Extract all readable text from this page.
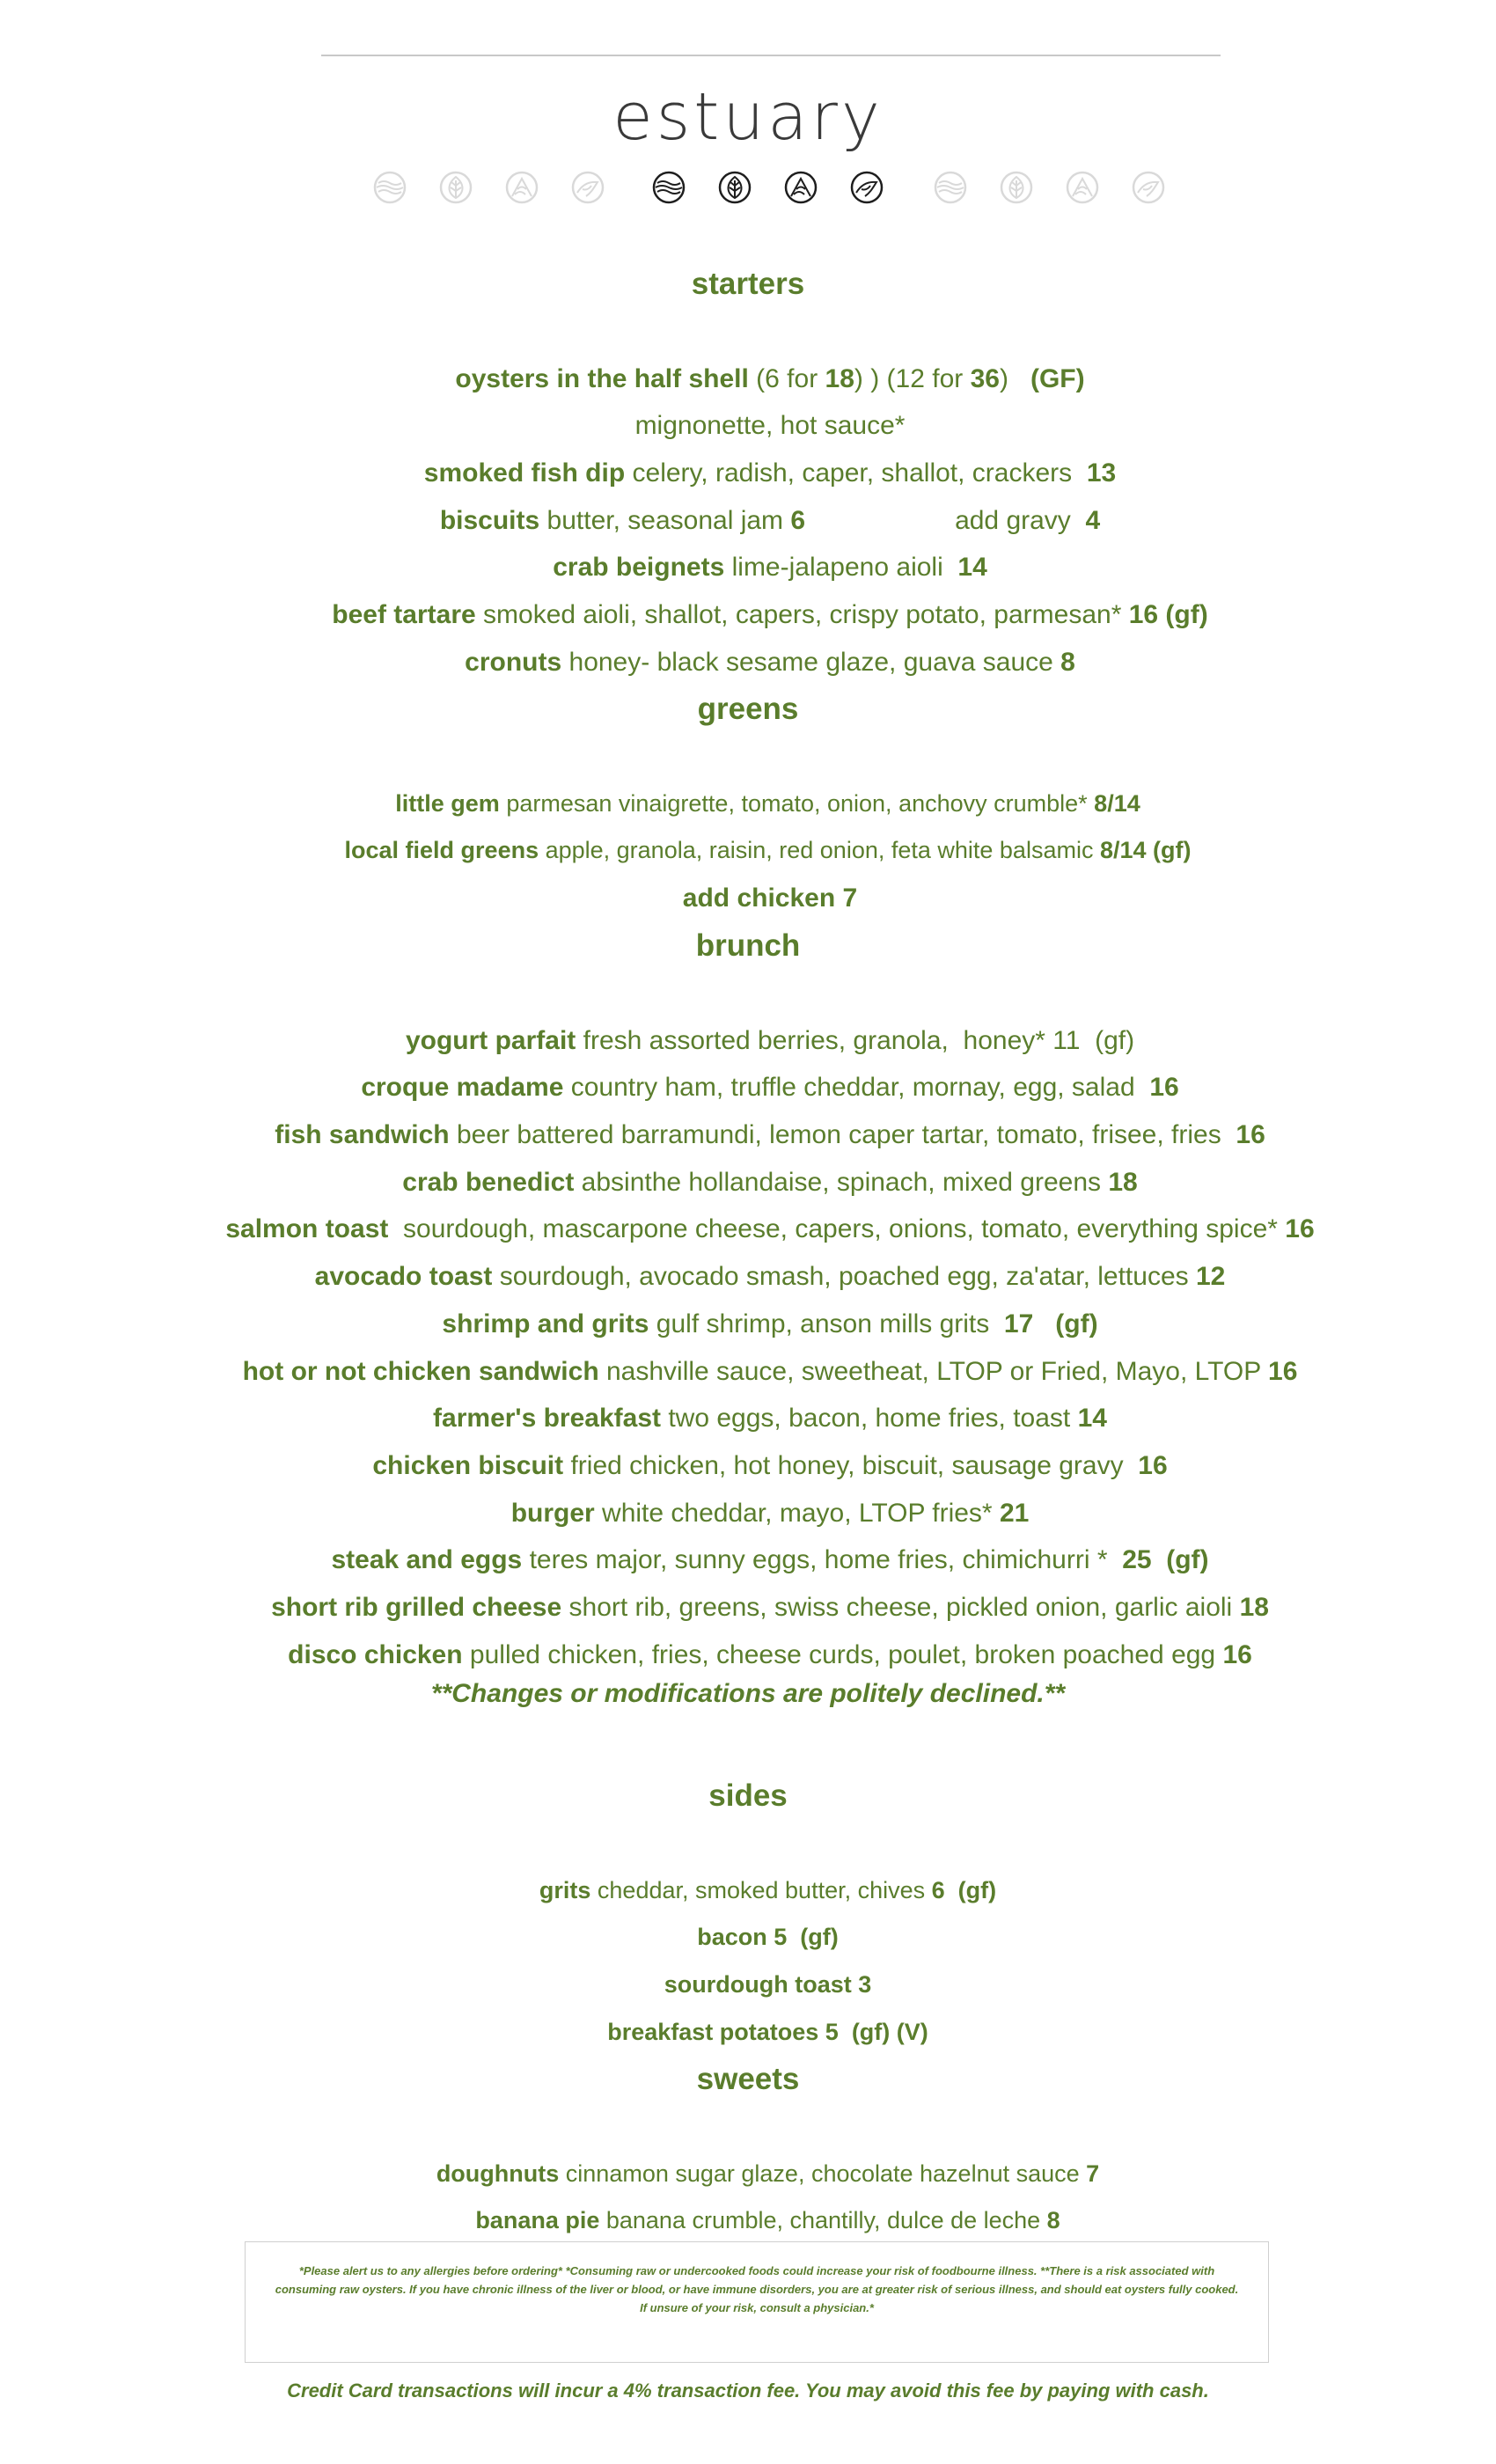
estuary
starters

oysters in the half shell (6 for 18) ) (12 for 36)   (GF)

mignonette, hot sauce*

smoked fish dip celery, radish, caper, shallot, crackers  13

biscuits butter, seasonal jam 6	add gravy  4

crab beignets lime-jalapeno aioli  14

beef tartare smoked aioli, shallot, capers, crispy potato, parmesan* 16 (gf)

cronuts honey- black sesame glaze, guava sauce 8

greens

little gem parmesan vinaigrette, tomato, onion, anchovy crumble* 8/14

local field greens apple, granola, raisin, red onion, feta white balsamic 8/14 (gf)

add chicken 7

brunch

yogurt parfait fresh assorted berries, granola,  honey* 11  (gf)

croque madame country ham, truffle cheddar, mornay, egg, salad  16

fish sandwich beer battered barramundi, lemon caper tartar, tomato, frisee, fries  16

crab benedict absinthe hollandaise, spinach, mixed greens 18

salmon toast  sourdough, mascarpone cheese, capers, onions, tomato, everything spice* 16

avocado toast sourdough, avocado smash, poached egg, za'atar, lettuces 12

shrimp and grits gulf shrimp, anson mills grits  17   (gf)

hot or not chicken sandwich nashville sauce, sweetheat, LTOP or Fried, Mayo, LTOP 16

farmer's breakfast two eggs, bacon, home fries, toast 14

chicken biscuit fried chicken, hot honey, biscuit, sausage gravy  16

burger white cheddar, mayo, LTOP fries* 21

steak and eggs teres major, sunny eggs, home fries, chimichurri *  25  (gf)

short rib grilled cheese short rib, greens, swiss cheese, pickled onion, garlic aioli 18

disco chicken pulled chicken, fries, cheese curds, poulet, broken poached egg 16

**Changes or modifications are politely declined.**
sides

grits cheddar, smoked butter, chives 6  (gf)

bacon 5  (gf)

sourdough toast 3

breakfast potatoes 5  (gf) (V)

sweets

doughnuts cinnamon sugar glaze, chocolate hazelnut sauce 7

banana pie banana crumble, chantilly, dulce de leche 8

*Please alert us to any allergies before ordering* *Consuming raw or undercooked foods could increase your risk of foodbourne illness. **There is a risk associated with consuming raw oysters. If you have chronic illness of the liver or blood, or have immune disorders, you are at greater risk of serious illness, and should eat oysters fully cooked. If unsure of your risk, consult a physician.*

Credit Card transactions will incur a 4% transaction fee. You may avoid this fee by paying with cash.
